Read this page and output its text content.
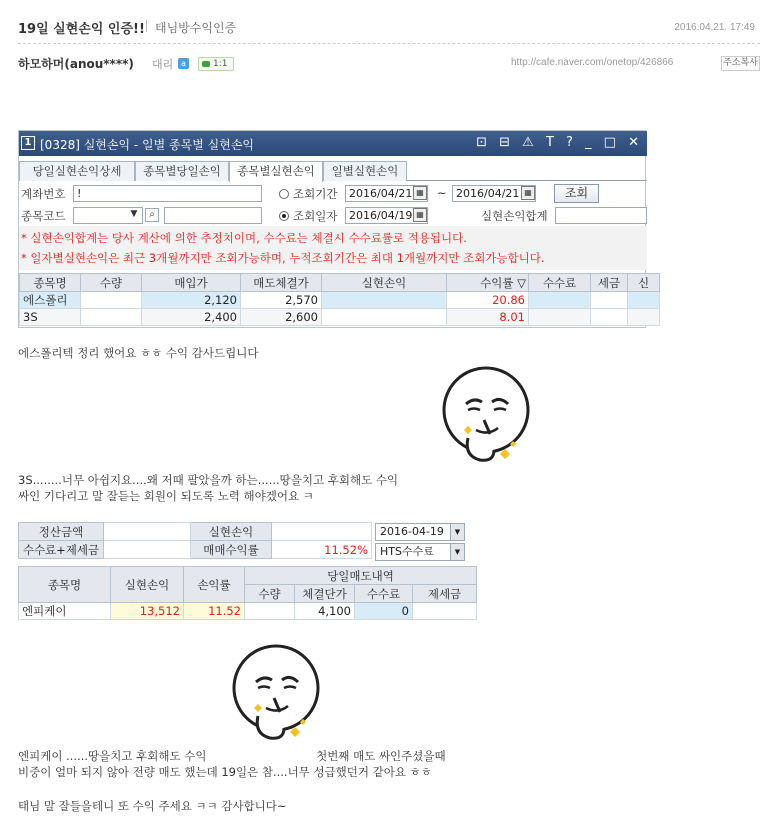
19일 실현손익 인증!! 태님방수익인증	2016.04.21. 17:49
하모하머(anou****) 대리 a	1:1	http://cafe.naver.com/onetop/426866	주소복사
1 [0328] 실현손익 - 일별 종목별 실현손익	⊡ ⊟ ⚠ T ? _ □ ✕
당일실현손익상세	종목별당일손익	종목별실현손익	일별실현손익
계좌번호	!	조회기간	2016/04/21 ▦ ~ 2016/04/21 ▦	조회
종목코드	▼	⌕	조회일자	2016/04/19 ▦	실현손익합계
* 실현손익합계는 당사 계산에 의한 추정치이며, 수수료는 체결시 수수료률로 적용됩니다.
* 일자별실현손익은 최근 3개월까지만 조회가능하며, 누적조회기간은 최대 1개월까지만 조회가능합니다.
종목명	수량	매입가	매도체결가	실현손익	수익률 ▽	수수료	세금	신
에스폴리		2,120	2,570		20.86			
3S		2,400	2,600		8.01			
에스폴리텍 정리 했어요 ㅎㅎ 수익 감사드립니다
3S........너무 아쉽지요....왜 저때 팔았을까 하는......땅을치고 후회해도 수익
싸인 기다리고 말 잘듣는 회원이 되도록 노력 해야겠어요 ㅋ
정산금액		실현손익		
수수료+제세금		매매수익률	11.52%	
2016-04-19	▼
HTS수수료	▼
종목명	실현손익	손익률	당일매도내역			
			수량	체결단가	수수료	제세금
엔피케이	13,512	11.52		4,100	0	
엔피케이 ......땅을치고 후회해도 수익                              첫번째 매도 싸인주셨을때
비중이 얼마 되지 않아 전량 매도 했는데 19일은 참....너무 성급했던거 같아요 ㅎㅎ
태님 말 잘들을테니 또 수익 주세요 ㅋㅋ 감사합니다~
